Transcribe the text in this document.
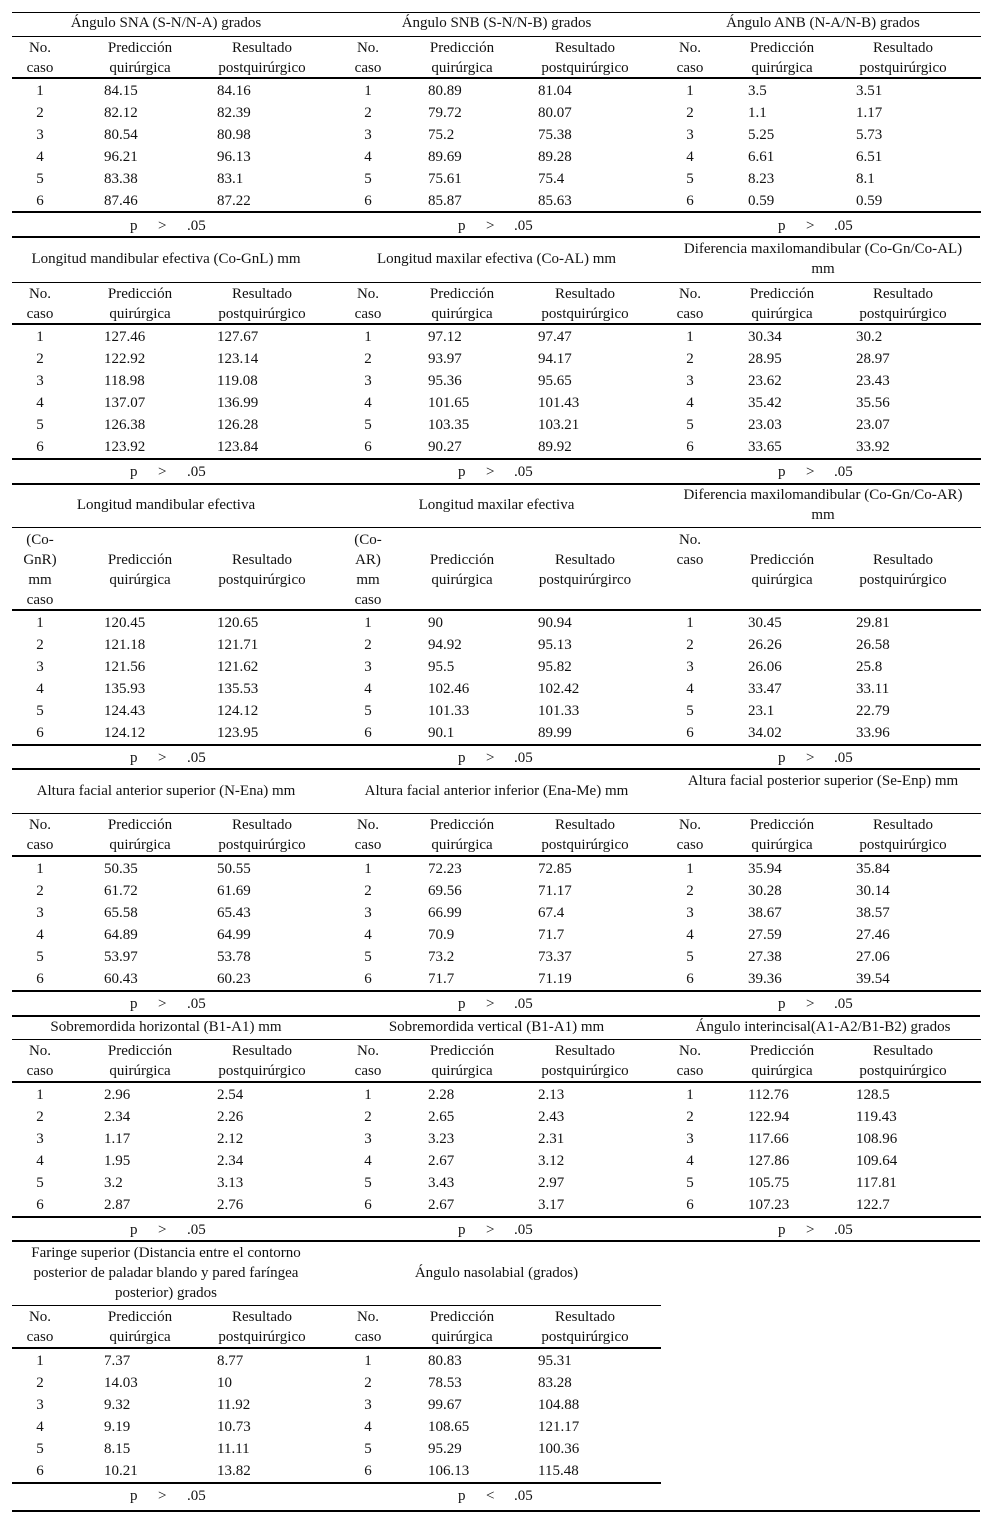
Ángulo SNA (S-N/N-A) grados
No.
caso
Predicción
quirúrgica
Resultado
postquirúrgico
1	84.15	84.16
2	82.12	82.39
3	80.54	80.98
4	96.21	96.13
5	83.38	83.1
6	87.46	87.22
p > .05
Ángulo SNB (S-N/N-B) grados
No.
caso
Predicción
quirúrgica
Resultado
postquirúrgico
1	80.89	81.04
2	79.72	80.07
3	75.2	75.38
4	89.69	89.28
5	75.61	75.4
6	85.87	85.63
p > .05
Ángulo ANB (N-A/N-B) grados
No.
caso
Predicción
quirúrgica
Resultado
postquirúrgico
1	3.5	3.51
2	1.1	1.17
3	5.25	5.73
4	6.61	6.51
5	8.23	8.1
6	0.59	0.59
p > .05
Longitud mandibular efectiva (Co-GnL) mm
No.
caso
Predicción
quirúrgica
Resultado
postquirúrgico
1	127.46	127.67
2	122.92	123.14
3	118.98	119.08
4	137.07	136.99
5	126.38	126.28
6	123.92	123.84
p > .05
Longitud maxilar efectiva (Co-AL) mm
No.
caso
Predicción
quirúrgica
Resultado
postquirúrgico
1	97.12	97.47
2	93.97	94.17
3	95.36	95.65
4	101.65	101.43
5	103.35	103.21
6	90.27	89.92
p > .05
Diferencia maxilomandibular (Co-Gn/Co-AL) mm
No.
caso
Predicción
quirúrgica
Resultado
postquirúrgico
1	30.34	30.2
2	28.95	28.97
3	23.62	23.43
4	35.42	35.56
5	23.03	23.07
6	33.65	33.92
p > .05
Longitud mandibular efectiva
(Co-
GnR)
mm
caso
Predicción
quirúrgica
Resultado
postquirúrgico
1	120.45	120.65
2	121.18	121.71
3	121.56	121.62
4	135.93	135.53
5	124.43	124.12
6	124.12	123.95
p > .05
Longitud maxilar efectiva
(Co-
AR)
mm
caso
Predicción
quirúrgica
Resultado
postquirúrgirco
1	90	90.94
2	94.92	95.13
3	95.5	95.82
4	102.46	102.42
5	101.33	101.33
6	90.1	89.99
p > .05
Diferencia maxilomandibular (Co-Gn/Co-AR) mm
No.
caso	Predicción
quirúrgica
Resultado
postquirúrgico
1	30.45	29.81
2	26.26	26.58
3	26.06	25.8
4	33.47	33.11
5	23.1	22.79
6	34.02	33.96
p > .05
Altura facial anterior superior (N-Ena) mm
No.
caso
Predicción
quirúrgica
Resultado
postquirúrgico
1	50.35	50.55
2	61.72	61.69
3	65.58	65.43
4	64.89	64.99
5	53.97	53.78
6	60.43	60.23
p > .05
Altura facial anterior inferior (Ena-Me) mm
No.
caso
Predicción
quirúrgica
Resultado
postquirúrgico
1	72.23	72.85
2	69.56	71.17
3	66.99	67.4
4	70.9	71.7
5	73.2	73.37
6	71.7	71.19
p > .05
Altura facial posterior superior (Se-Enp) mm
No.
caso
Predicción
quirúrgica
Resultado
postquirúrgico
1	35.94	35.84
2	30.28	30.14
3	38.67	38.57
4	27.59	27.46
5	27.38	27.06
6	39.36	39.54
p > .05
Sobremordida horizontal (B1-A1) mm
No.
caso
Predicción
quirúrgica
Resultado
postquirúrgico
1	2.96	2.54
2	2.34	2.26
3	1.17	2.12
4	1.95	2.34
5	3.2	3.13
6	2.87	2.76
p > .05
Sobremordida vertical (B1-A1) mm
No.
caso
Predicción
quirúrgica
Resultado
postquirúrgico
1	2.28	2.13
2	2.65	2.43
3	3.23	2.31
4	2.67	3.12
5	3.43	2.97
6	2.67	3.17
p > .05
Ángulo interincisal(A1-A2/B1-B2) grados
No.
caso
Predicción
quirúrgica
Resultado
postquirúrgico
1	112.76	128.5
2	122.94	119.43
3	117.66	108.96
4	127.86	109.64
5	105.75	117.81
6	107.23	122.7
p > .05
Faringe superior (Distancia entre el contorno posterior de paladar blando y pared faríngea posterior) grados
No.
caso
Predicción
quirúrgica
Resultado
postquirúrgico
1	7.37	8.77
2	14.03	10
3	9.32	11.92
4	9.19	10.73
5	8.15	11.11
6	10.21	13.82
p > .05
Ángulo nasolabial (grados)
No.
caso
Predicción
quirúrgica
Resultado
postquirúrgico
1	80.83	95.31
2	78.53	83.28
3	99.67	104.88
4	108.65	121.17
5	95.29	100.36
6	106.13	115.48
p < .05
